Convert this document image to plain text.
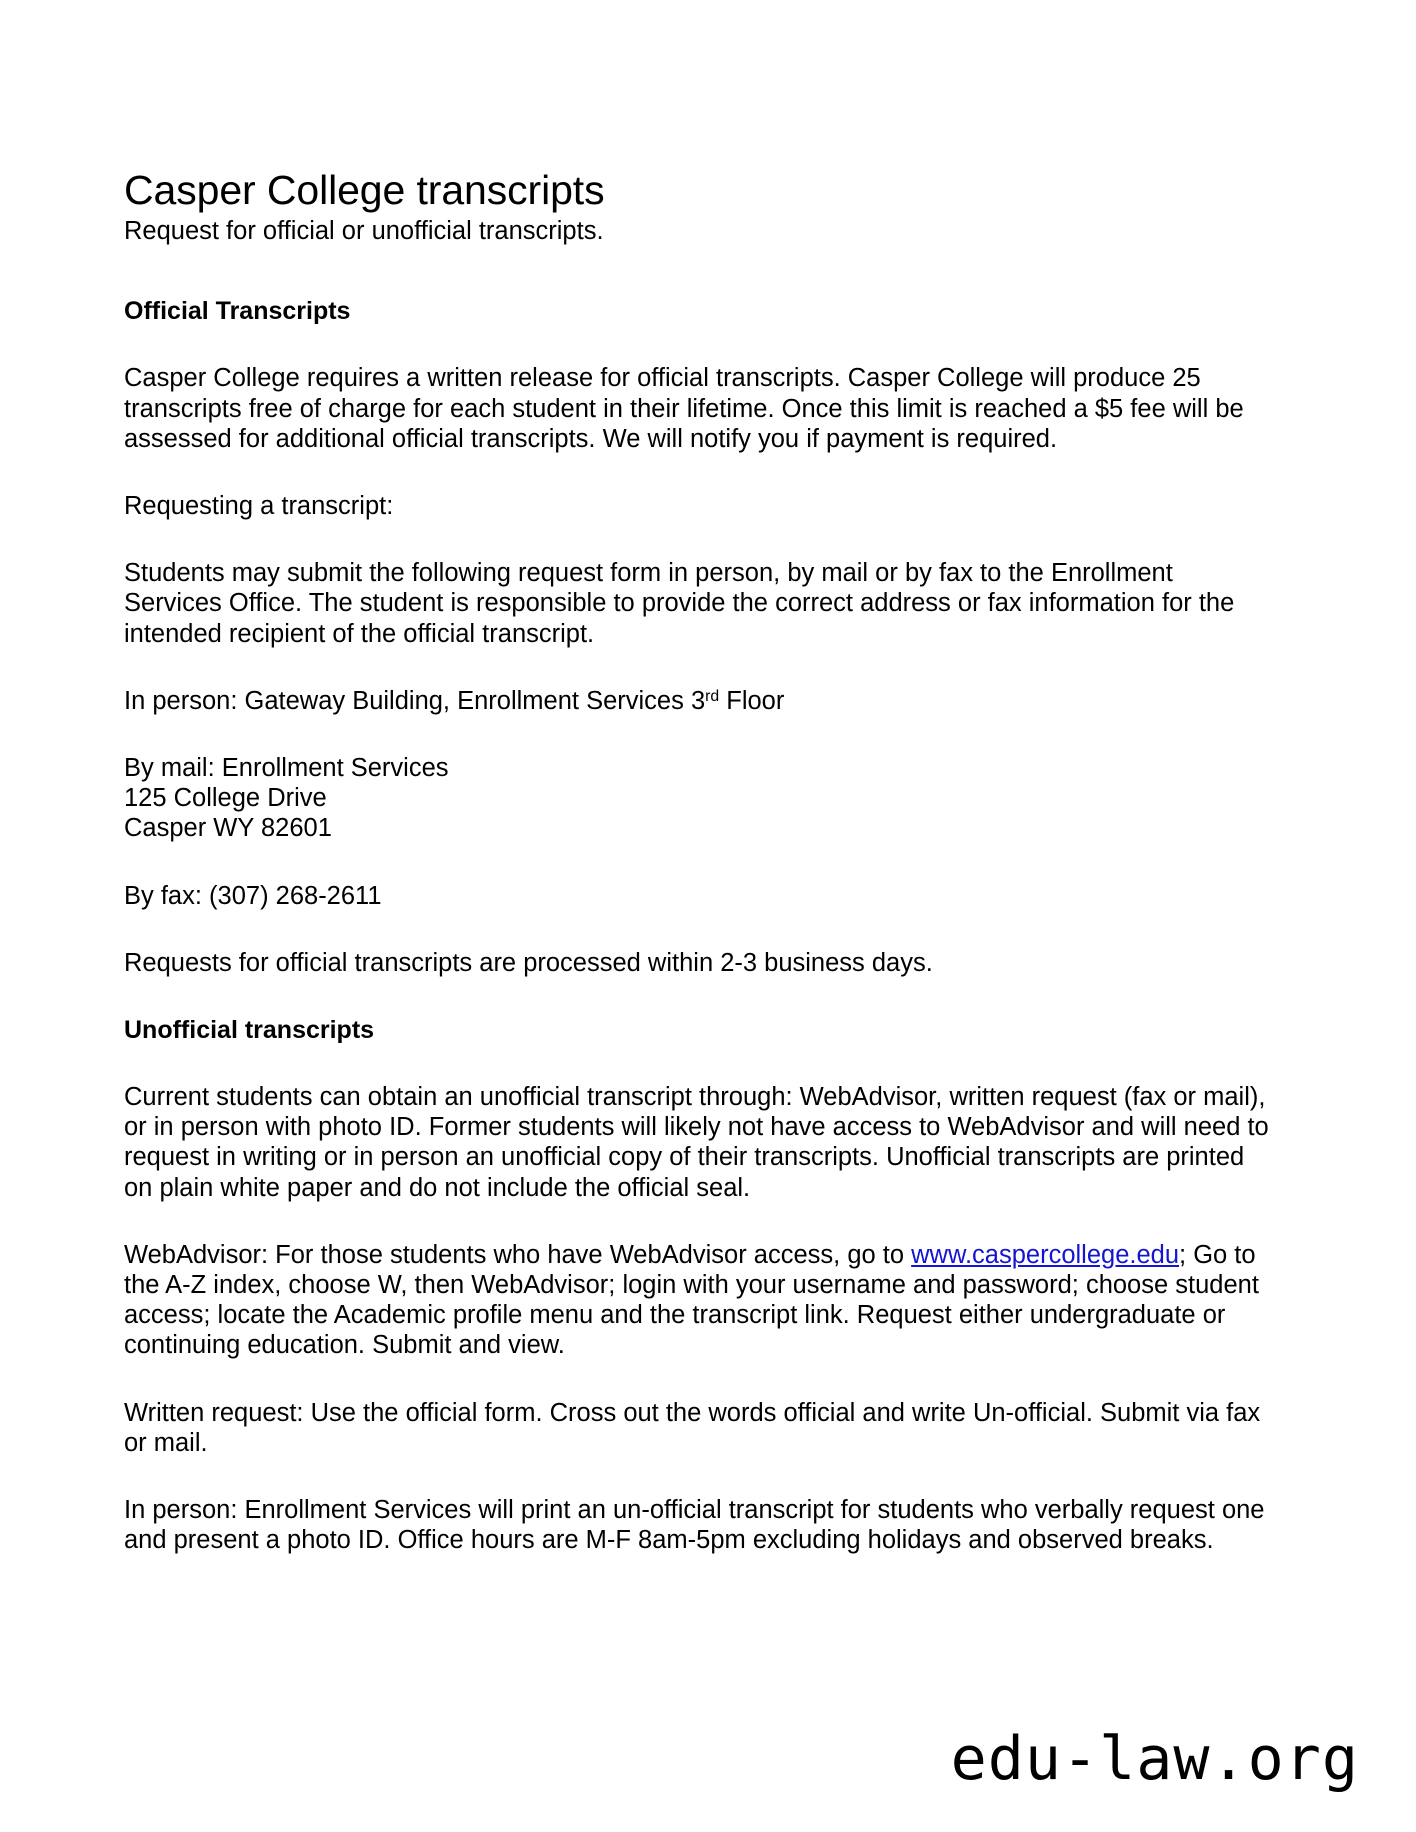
Casper College transcripts

Request for official or unofficial transcripts.

Official Transcripts

Casper College requires a written release for official transcripts. Casper College will produce 25 transcripts free of charge for each student in their lifetime. Once this limit is reached a $5 fee will be assessed for additional official transcripts. We will notify you if payment is required.

Requesting a transcript:

Students may submit the following request form in person, by mail or by fax to the Enrollment Services Office. The student is responsible to provide the correct address or fax information for the intended recipient of the official transcript.

In person: Gateway Building, Enrollment Services 3rd Floor

By mail: Enrollment Services

125 College Drive

Casper WY 82601

By fax: (307) 268-2611

Requests for official transcripts are processed within 2-3 business days.

Unofficial transcripts

Current students can obtain an unofficial transcript through: WebAdvisor, written request (fax or mail), or in person with photo ID. Former students will likely not have access to WebAdvisor and will need to request in writing or in person an unofficial copy of their transcripts. Unofficial transcripts are printed on plain white paper and do not include the official seal.

WebAdvisor: For those students who have WebAdvisor access, go to www.caspercollege.edu; Go to the A-Z index, choose W, then WebAdvisor; login with your username and password; choose student access; locate the Academic profile menu and the transcript link. Request either undergraduate or continuing education. Submit and view.

Written request: Use the official form. Cross out the words official and write Un-official. Submit via fax or mail.

In person: Enrollment Services will print an un-official transcript for students who verbally request one and present a photo ID. Office hours are M-F 8am-5pm excluding holidays and observed breaks.

edu-law.org
